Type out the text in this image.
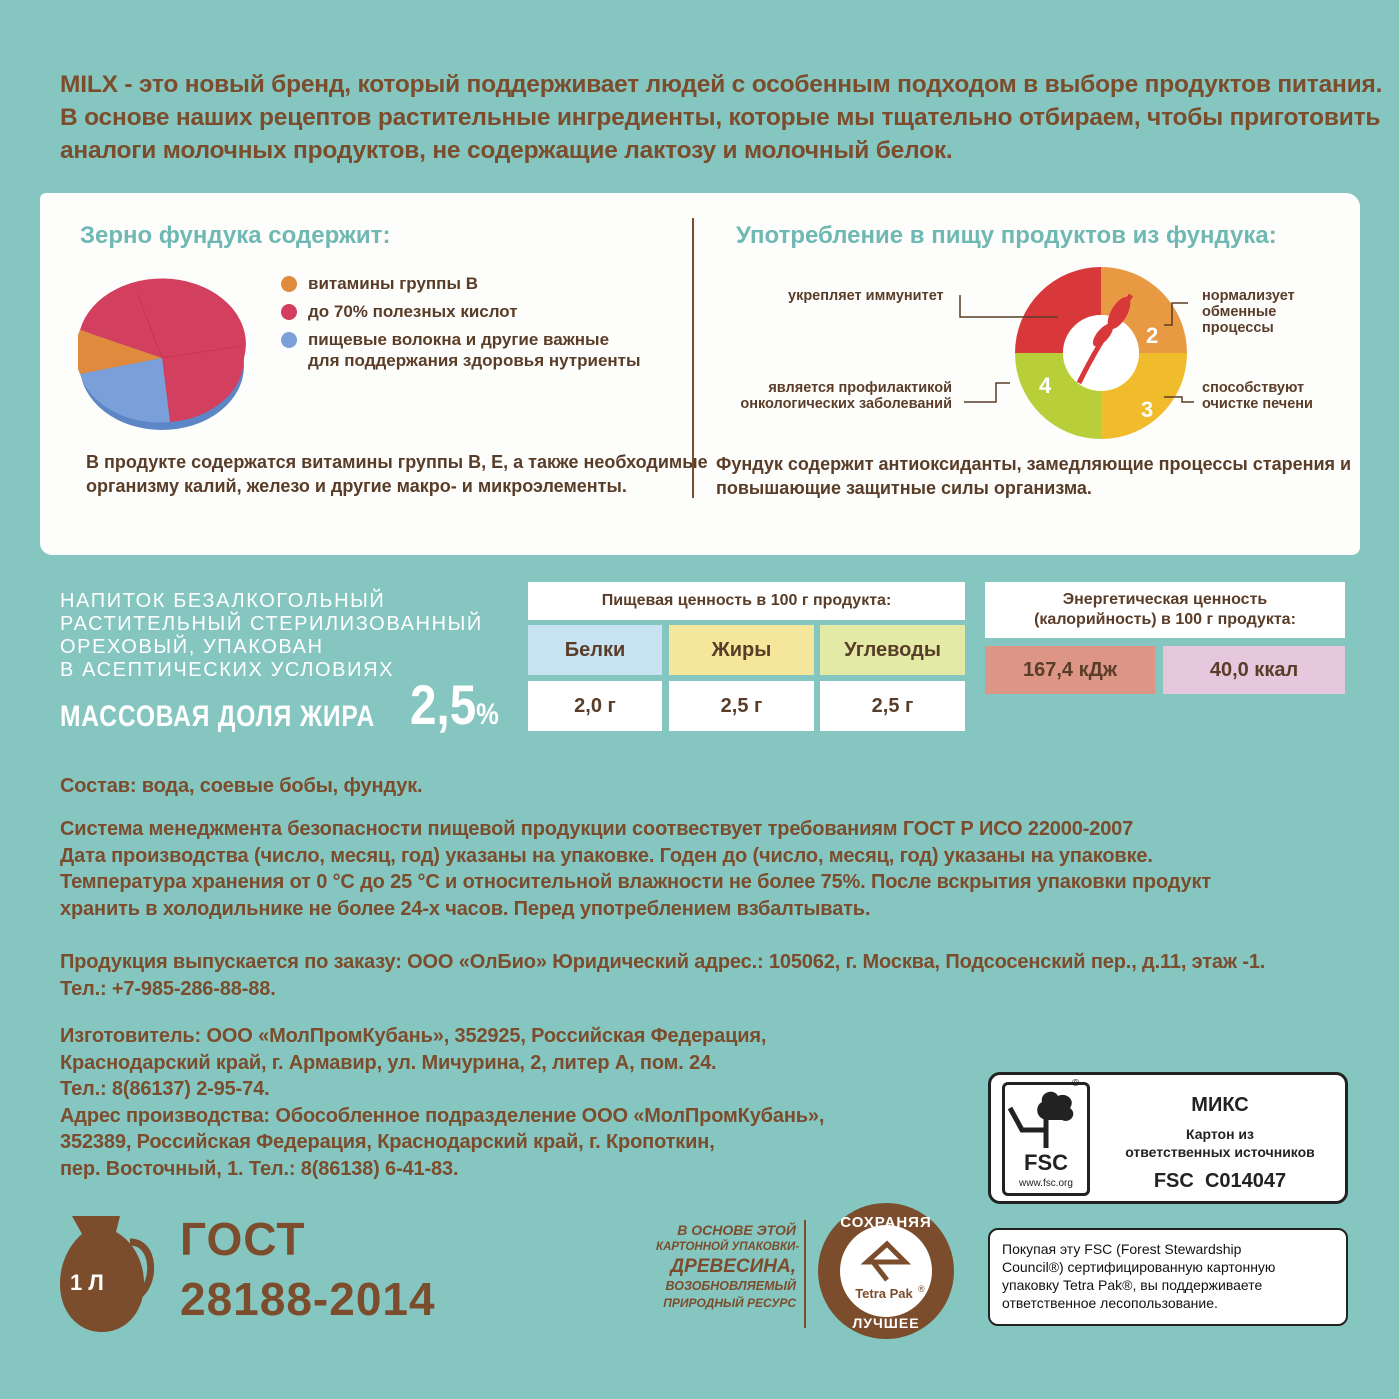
MILX - это новый бренд, который поддерживает людей с особенным подходом в выборе продуктов питания.
В основе наших рецептов растительные ингредиенты, которые мы тщательно отбираем, чтобы приготовить
аналоги молочных продуктов, не содержащие лактозу и молочный белок.
Зерно фундука содержит:
витамины группы В
до 70% полезных кислот
пищевые волокна и другие важные
для поддержания здоровья нутриенты
В продукте содержатся витамины группы B, E, а также необходимые
организму калий, железо и другие макро- и микроэлементы.
Употребление в пищу продуктов из фундука:
1	2
3
4
укрепляет иммунитет	нормализует
обменные
процессы
способствуют
очистке печени
является профилактикой
онкологических заболеваний
Фундук содержит антиоксиданты, замедляющие процессы старения и
повышающие защитные силы организма.
НАПИТОК БЕЗАЛКОГОЛЬНЫЙ
РАСТИТЕЛЬНЫЙ СТЕРИЛИЗОВАННЫЙ
ОРЕХОВЫЙ, УПАКОВАН
В АСЕПТИЧЕСКИХ УСЛОВИЯХ
МАССОВАЯ ДОЛЯ ЖИРА 2,5%
Пищевая ценность в 100 г продукта:
Белки	Жиры	Углеводы
2,0 г	2,5 г	2,5 г
Энергетическая ценность
(калорийность) в 100 г продукта:
167,4 кДж	40,0 ккал
Состав: вода, соевые бобы, фундук.
Система менеджмента безопасности пищевой продукции соотвествует требованиям ГОСТ Р ИСО 22000-2007
Дата производства (число, месяц, год) указаны на упаковке. Годен до (число, месяц, год) указаны на упаковке.
Температура хранения от 0 °С до 25 °С и относительной влажности не более 75%. После вскрытия упаковки продукт
хранить в холодильнике не более 24-х часов. Перед употреблением взбалтывать.
Продукция выпускается по заказу: ООО «ОлБио» Юридический адрес.: 105062, г. Москва, Подсосенский пер., д.11, этаж -1.
Тел.: +7-985-286-88-88.
Изготовитель: ООО «МолПромКубань», 352925, Российская Федерация,
Краснодарский край, г. Армавир, ул. Мичурина, 2, литер А, пом. 24.
Тел.: 8(86137) 2-95-74.
Адрес производства: Обособленное подразделение ООО «МолПромКубань»,
352389, Российская Федерация, Краснодарский край, г. Кропоткин,
пер. Восточный, 1. Тел.: 8(86138) 6-41-83.
1 Л
ГОСТ
28188-2014
В ОСНОВЕ ЭТОЙ
КАРТОННОЙ УПАКОВКИ-
ДРЕВЕСИНА,
ВОЗОБНОВЛЯЕМЫЙ
ПРИРОДНЫЙ РЕСУРС
СОХРАНЯЯ
ЛУЧШЕЕ
Tetra Pak ®
FSC
www.fsc.org
®
МИКС
Картон из
ответственных источников
FSC  C014047
Покупая эту FSC (Forest Stewardship
Council®) сертифицированную картонную
упаковку Tetra Pak®, вы поддерживаете
ответственное лесопользование.
